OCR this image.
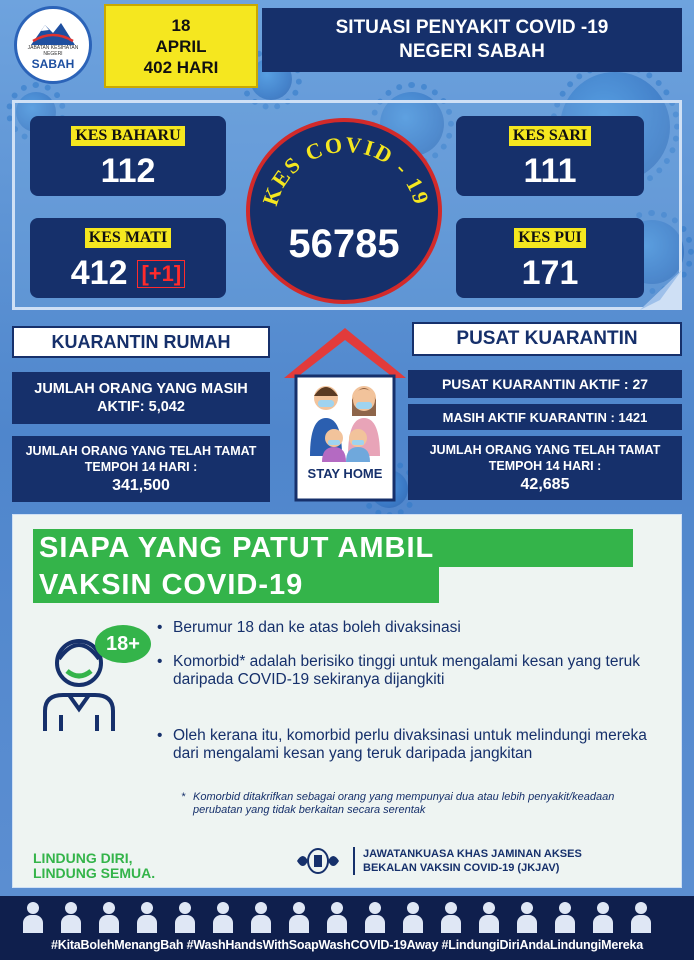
JABATAN KESIHATAN NEGERI
SABAH
18
APRIL
402 HARI
SITUASI PENYAKIT COVID -19
NEGERI SABAH
KES BAHARU
112
KES SARI
111
KES MATI
412 [+1]
KES PUI
171
KES COVID - 19
56785
KUARANTIN RUMAH
JUMLAH ORANG YANG MASIH AKTIF: 5,042
JUMLAH ORANG YANG TELAH TAMAT TEMPOH 14 HARI :
341,500
STAY HOME
PUSAT KUARANTIN
PUSAT KUARANTIN AKTIF : 27
MASIH AKTIF KUARANTIN : 1421
JUMLAH ORANG YANG TELAH TAMAT TEMPOH 14 HARI :
42,685
SIAPA YANG PATUT AMBIL
VAKSIN COVID-19
18+
• Berumur 18 dan ke atas boleh divaksinasi
• Komorbid* adalah berisiko tinggi untuk mengalami kesan yang teruk daripada COVID-19 sekiranya dijangkiti
• Oleh kerana itu, komorbid perlu divaksinasi untuk melindungi mereka dari mengalami kesan yang teruk daripada jangkitan
* Komorbid ditakrifkan sebagai orang yang mempunyai dua atau lebih penyakit/keadaan perubatan yang tidak berkaitan secara serentak
LINDUNG DIRI,
LINDUNG SEMUA.
JAWATANKUASA KHAS JAMINAN AKSES
BEKALAN VAKSIN COVID-19 (JKJAV)
#KitaBolehMenangBah #WashHandsWithSoapWashCOVID-19Away #LindungiDiriAndaLindungiMereka
